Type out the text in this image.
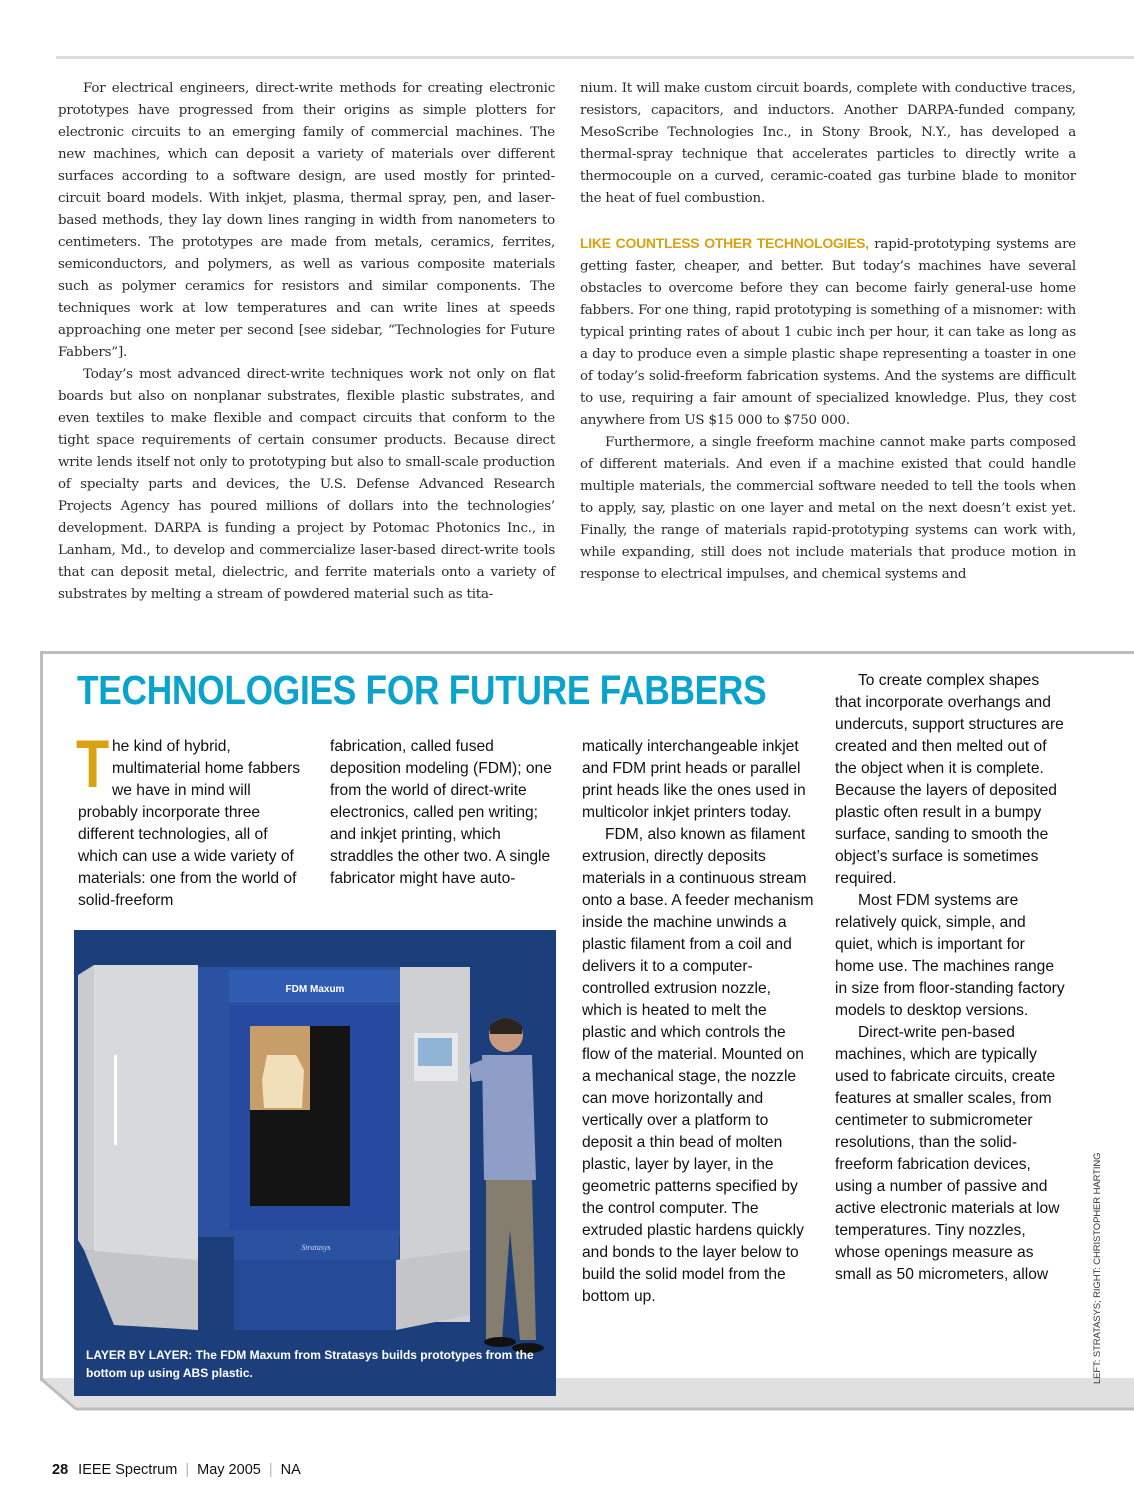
For electrical engineers, direct-write methods for creating electronic prototypes have progressed from their origins as simple plotters for electronic circuits to an emerging family of commercial machines. The new machines, which can deposit a variety of materials over different surfaces according to a software design, are used mostly for printed-circuit board models. With inkjet, plasma, thermal spray, pen, and laser-based methods, they lay down lines ranging in width from nanometers to centimeters. The prototypes are made from metals, ceramics, ferrites, semiconductors, and polymers, as well as various composite materials such as polymer ceramics for resistors and similar components. The techniques work at low temperatures and can write lines at speeds approaching one meter per second [see sidebar, “Technologies for Future Fabbers”].

Today’s most advanced direct-write techniques work not only on flat boards but also on nonplanar substrates, flexible plastic substrates, and even textiles to make flexible and compact circuits that conform to the tight space requirements of certain consumer products. Because direct write lends itself not only to prototyping but also to small-scale production of specialty parts and devices, the U.S. Defense Advanced Research Projects Agency has poured millions of dollars into the technologies’ development. DARPA is funding a project by Potomac Photonics Inc., in Lanham, Md., to develop and commercialize laser-based direct-write tools that can deposit metal, dielectric, and ferrite materials onto a variety of substrates by melting a stream of powdered material such as tita-

nium. It will make custom circuit boards, complete with conductive traces, resistors, capacitors, and inductors. Another DARPA-funded company, MesoScribe Technologies Inc., in Stony Brook, N.Y., has developed a thermal-spray technique that accelerates particles to directly write a thermocouple on a curved, ceramic-coated gas turbine blade to monitor the heat of fuel combustion.

LIKE COUNTLESS OTHER TECHNOLOGIES, rapid-prototyping systems are getting faster, cheaper, and better. But today’s machines have several obstacles to overcome before they can become fairly general-use home fabbers. For one thing, rapid prototyping is something of a misnomer: with typical printing rates of about 1 cubic inch per hour, it can take as long as a day to produce even a simple plastic shape representing a toaster in one of today’s solid-freeform fabrication systems. And the systems are difficult to use, requiring a fair amount of specialized knowledge. Plus, they cost anywhere from US $15 000 to $750 000.

Furthermore, a single freeform machine cannot make parts composed of different materials. And even if a machine existed that could handle multiple materials, the commercial software needed to tell the tools when to apply, say, plastic on one layer and metal on the next doesn’t exist yet. Finally, the range of materials rapid-prototyping systems can work with, while expanding, still does not include materials that produce motion in response to electrical impulses, and chemical systems and

TECHNOLOGIES FOR FUTURE FABBERS
T he kind of hybrid, multimaterial home fabbers we have in mind will probably incorporate three different technologies, all of which can use a wide variety of materials: one from the world of solid-freeform

fabrication, called fused deposition modeling (FDM); one from the world of direct-write electronics, called pen writing; and inkjet printing, which straddles the other two. A single fabricator might have auto-

matically interchangeable inkjet and FDM print heads or parallel print heads like the ones used in multicolor inkjet printers today.

FDM, also known as filament extrusion, directly deposits materials in a continuous stream onto a base. A feeder mechanism inside the machine unwinds a plastic filament from a coil and delivers it to a computer-controlled extrusion nozzle, which is heated to melt the plastic and which controls the flow of the material. Mounted on a mechanical stage, the nozzle can move horizontally and vertically over a platform to deposit a thin bead of molten plastic, layer by layer, in the geometric patterns specified by the control computer. The extruded plastic hardens quickly and bonds to the layer below to build the solid model from the bottom up.

To create complex shapes that incorporate overhangs and undercuts, support structures are created and then melted out of the object when it is complete. Because the layers of deposited plastic often result in a bumpy surface, sanding to smooth the object’s surface is sometimes required.

Most FDM systems are relatively quick, simple, and quiet, which is important for home use. The machines range in size from floor-standing factory models to desktop versions.

Direct-write pen-based machines, which are typically used to fabricate circuits, create features at smaller scales, from centimeter to submicrometer resolutions, than the solid-freeform fabrication devices, using a number of passive and active electronic materials at low temperatures. Tiny nozzles, whose openings measure as small as 50 micrometers, allow

FDM Maxum
Stratasys
LAYER BY LAYER: The FDM Maxum from Stratasys builds prototypes from the bottom up using ABS plastic.	LEFT: STRATASYS; RIGHT: CHRISTOPHER HARTING
28 IEEE Spectrum | May 2005 | NA
